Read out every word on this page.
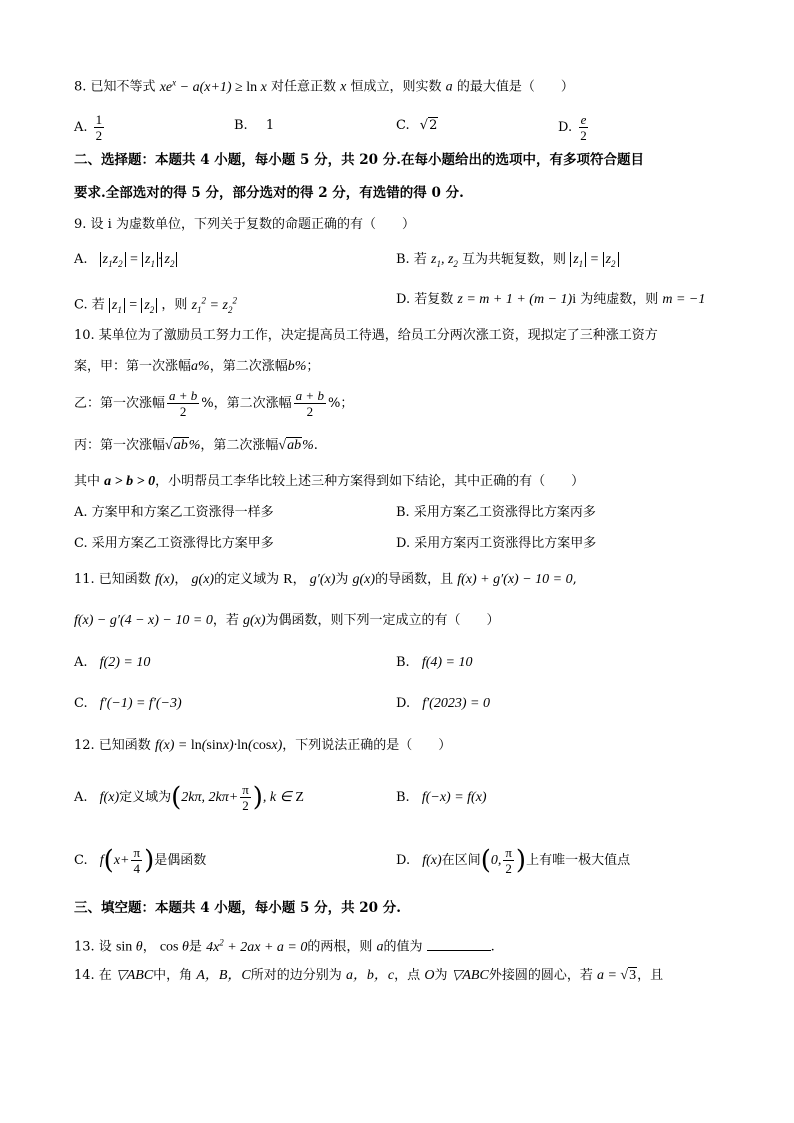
8. 已知不等式 $xe^x - a(x+1) \ge \ln x$ 对任意正数 x 恒成立，则实数 a 的最大值是（　　）
A. $\frac{1}{2}$	B. 1	C. √2	D. $\frac{e}{2}$
二、选择题：本题共 4 小题，每小题 5 分，共 20 分.在每小题给出的选项中，有多项符合题目
要求.全部选对的得 5 分，部分选对的得 2 分，有选错的得 0 分.
9. 设 i 为虚数单位，下列关于复数的命题正确的有（　　）
A. $z_1z_2 = z_1 \cdot z_2$	B. 若 $z_1$, $z_2$ 互为共轭复数，则 $z_1 = z_2$
C. 若 $z_1 = z_2$ ，则 $z_1^2 = z_2^2$	D. 若复数 z = m + 1 + (m − 1)i 为纯虚数，则 m = −1
10. 某单位为了激励员工努力工作，决定提高员工待遇，给员工分两次涨工资，现拟定了三种涨工资方
案，甲：第一次涨幅a%，第二次涨幅b%；
乙：第一次涨幅 $\frac{a + b}{2}$ %，第二次涨幅 $\frac{a + b}{2}$ %；
丙：第一次涨幅√ab%，第二次涨幅√ab%.
其中 a > b > 0，小明帮员工李华比较上述三种方案得到如下结论，其中正确的有（　　）
A. 方案甲和方案乙工资涨得一样多	B. 采用方案乙工资涨得比方案丙多
C. 采用方案乙工资涨得比方案甲多	D. 采用方案丙工资涨得比方案甲多
11. 已知函数 f(x)， g(x)的定义域为 R， g′(x)为 g(x)的导函数，且 f(x) + g′(x) − 10 = 0,
f(x) − g′(4 − x) − 10 = 0，若 g(x)为偶函数，则下列一定成立的有（　　）
A. f(2) = 10	B. f(4) = 10
C. f′(−1) = f′(−3)	D. f′(2023) = 0
12. 已知函数 f(x) = ln(sinx)·ln(cosx)，下列说法正确的是（　　）
A. f(x)定义域为(2kπ, $2k\pi+ \frac{\pi}{2}$ ), k ∈ Z	B. f(−x) = f(x)
C. $f(x+ \frac{\pi}{4}$ )是偶函数	D. f(x)在区间(0, $\frac{\pi}{2}$ )上有唯一极大值点
三、填空题：本题共 4 小题，每小题 5 分，共 20 分.
13. 设 sin θ， cos θ是 $4x^2 + 2ax + a = 0$的两根，则 a的值为	.
14. 在 ▽ABC中，角 A，B，C所对的边分别为 a，b，c，点 O为 ▽ABC外接圆的圆心，若 a = √3，且
